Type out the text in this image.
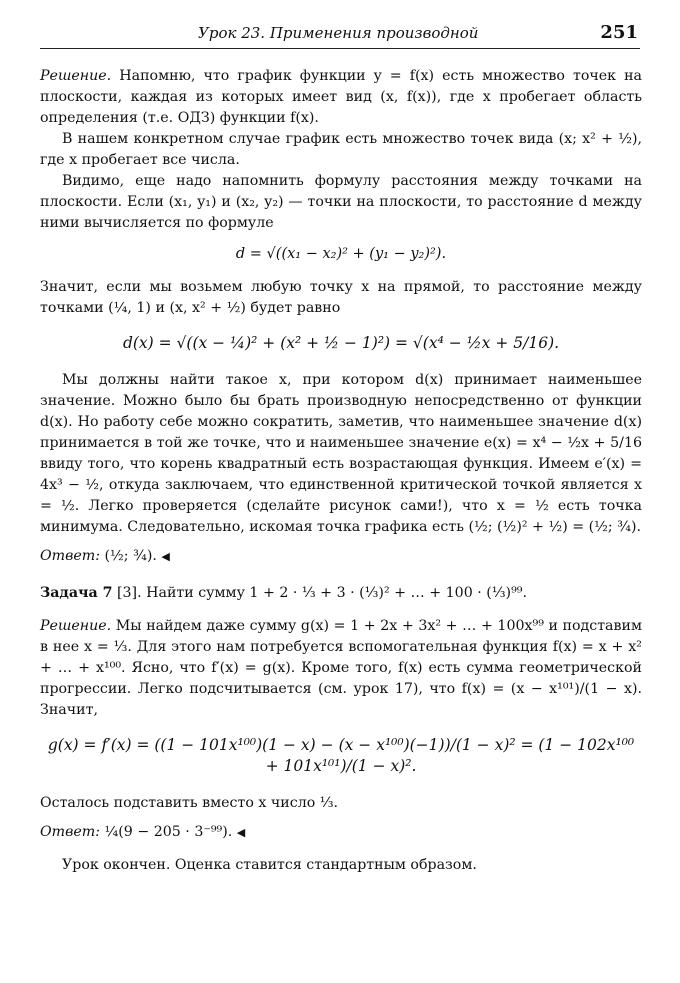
Урок 23. Применения производной	251

Решение. Напомню, что график функции y = f(x) есть множество точек на плоскости, каждая из которых имеет вид (x, f(x)), где x пробегает область определения (т.е. ОДЗ) функции f(x).

В нашем конкретном случае график есть множество точек вида (x; x² + ½), где x пробегает все числа.

Видимо, еще надо напомнить формулу расстояния между точками на плоскости. Если (x₁, y₁) и (x₂, y₂) — точки на плоскости, то расстояние d между ними вычисляется по формуле

d = √((x₁ − x₂)² + (y₁ − y₂)²).

Значит, если мы возьмем любую точку x на прямой, то расстояние между точками (¼, 1) и (x, x² + ½) будет равно

d(x) = √((x − ¼)² + (x² + ½ − 1)²) = √(x⁴ − ½x + 5/16).

Мы должны найти такое x, при котором d(x) принимает наименьшее значение. Можно было бы брать производную непосредственно от функции d(x). Но работу себе можно сократить, заметив, что наименьшее значение d(x) принимается в той же точке, что и наименьшее значение e(x) = x⁴ − ½x + 5/16 ввиду того, что корень квадратный есть возрастающая функция. Имеем e′(x) = 4x³ − ½, откуда заключаем, что единственной критической точкой является x = ½. Легко проверяется (сделайте рисунок сами!), что x = ½ есть точка минимума. Следовательно, искомая точка графика есть (½; (½)² + ½) = (½; ¾).

Ответ: (½; ¾). ◀

Задача 7 [3]. Найти сумму 1 + 2 · ⅓ + 3 · (⅓)² + … + 100 · (⅓)⁹⁹.

Решение. Мы найдем даже сумму g(x) = 1 + 2x + 3x² + … + 100x⁹⁹ и подставим в нее x = ⅓. Для этого нам потребуется вспомогательная функция f(x) = x + x² + … + x¹⁰⁰. Ясно, что f′(x) = g(x). Кроме того, f(x) есть сумма геометрической прогрессии. Легко подсчитывается (см. урок 17), что f(x) = (x − x¹⁰¹)/(1 − x). Значит,

g(x) = f′(x) = ((1 − 101x¹⁰⁰)(1 − x) − (x − x¹⁰⁰)(−1))/(1 − x)² = (1 − 102x¹⁰⁰ + 101x¹⁰¹)/(1 − x)².

Осталось подставить вместо x число ⅓.

Ответ: ¼(9 − 205 · 3⁻⁹⁹). ◀

Урок окончен. Оценка ставится стандартным образом.
